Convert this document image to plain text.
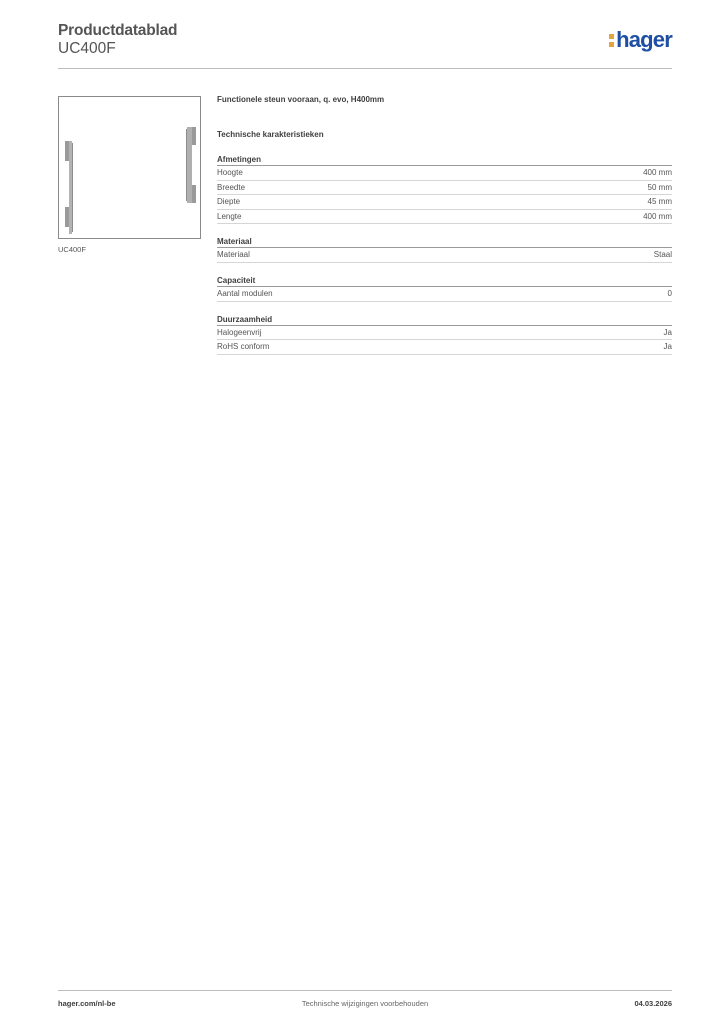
Productdatablad
UC400F	hager
UC400F
Functionele steun vooraan, q. evo, H400mm
Technische karakteristieken
Afmetingen
Hoogte	400 mm
Breedte	50 mm
Diepte	45 mm
Lengte	400 mm
Materiaal
Materiaal	Staal
Capaciteit
Aantal modulen	0
Duurzaamheid
Halogeenvrij	Ja
RoHS conform	Ja
hager.com/nl-be	Technische wijzigingen voorbehouden	04.03.2026
